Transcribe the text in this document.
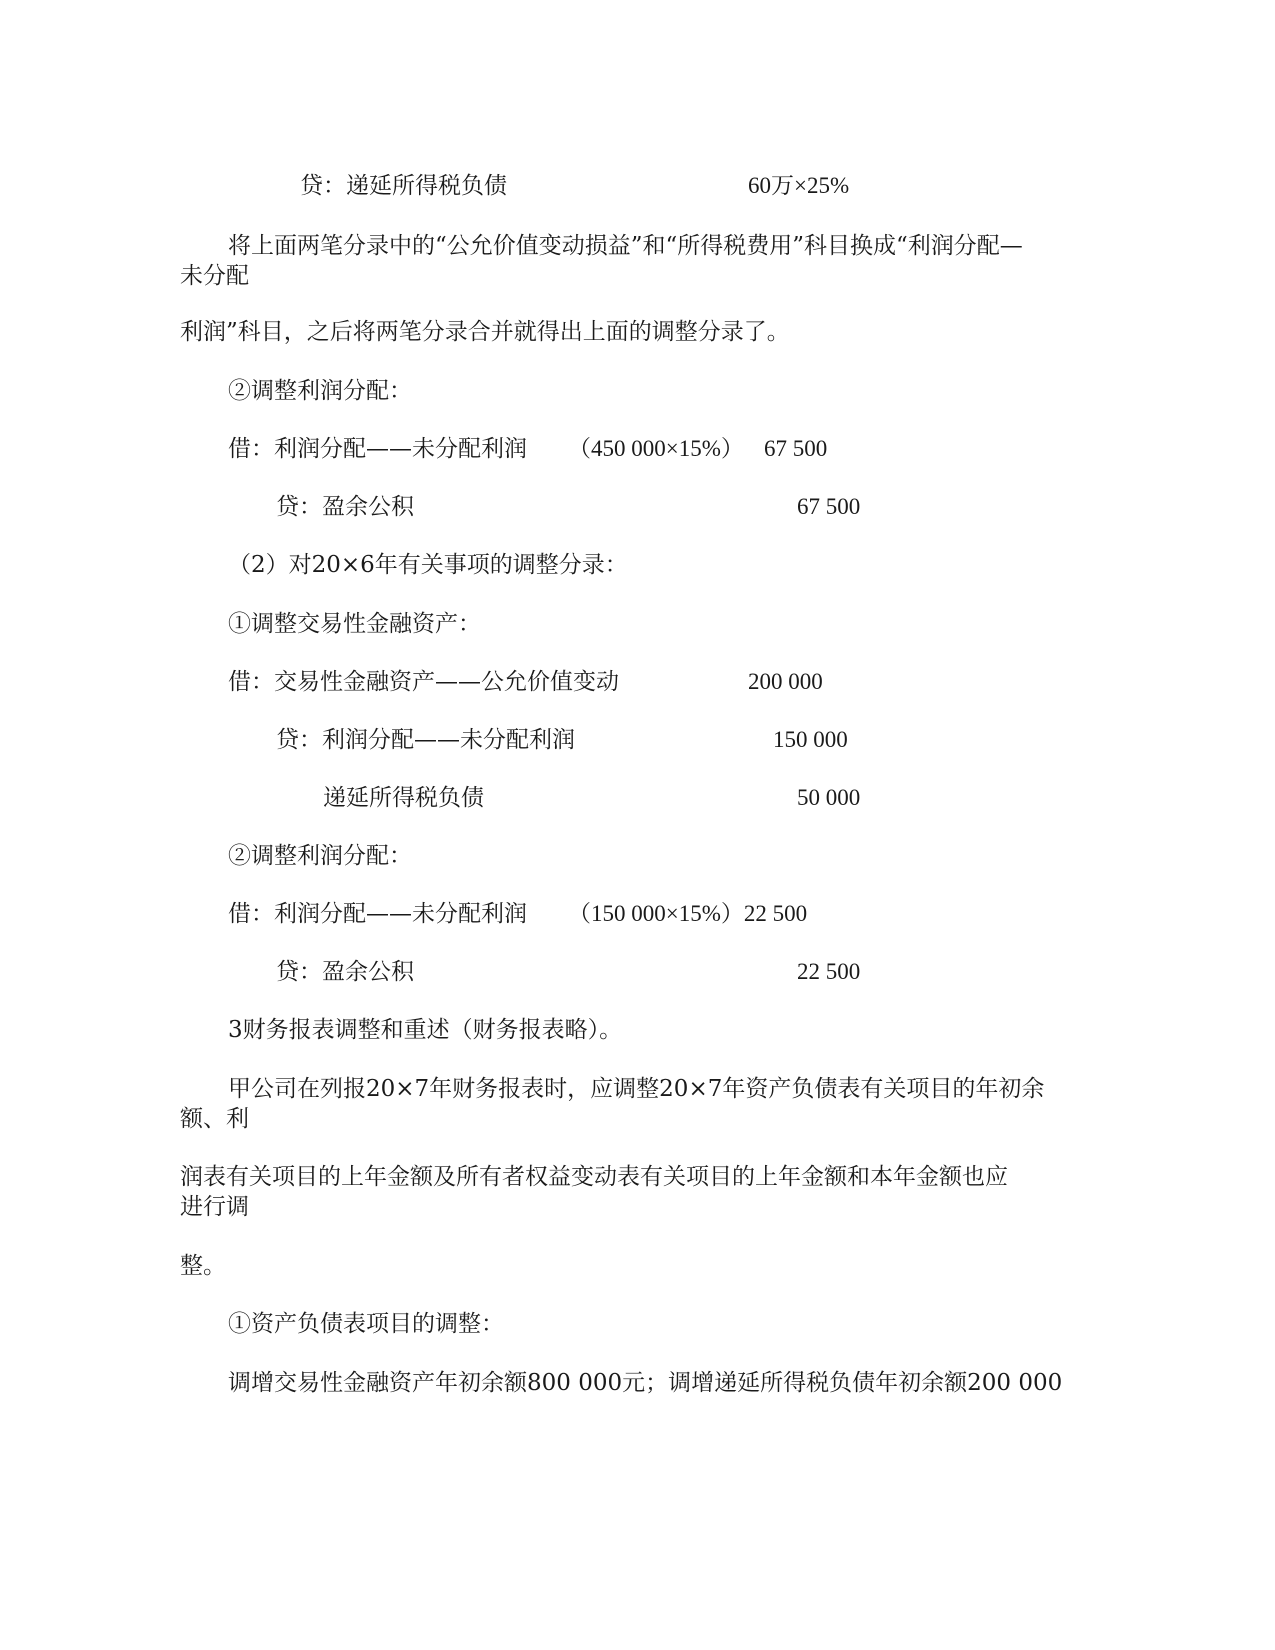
贷：递延所得税负债	60万×25%
将上面两笔分录中的“公允价值变动损益”和“所得税费用”科目换成“利润分配—
未分配
利润”科目，之后将两笔分录合并就得出上面的调整分录了。
②调整利润分配：
借：利润分配——未分配利润 （450 000×15%） 67 500
贷：盈余公积	67 500
（2）对20×6年有关事项的调整分录：
①调整交易性金融资产：
借：交易性金融资产——公允价值变动	200 000
贷：利润分配——未分配利润	150 000
递延所得税负债	50 000
②调整利润分配：
借：利润分配——未分配利润 （150 000×15%）22 500
贷：盈余公积	22 500
3财务报表调整和重述（财务报表略）。
甲公司在列报20×7年财务报表时，应调整20×7年资产负债表有关项目的年初余
额、利
润表有关项目的上年金额及所有者权益变动表有关项目的上年金额和本年金额也应
进行调
整。
①资产负债表项目的调整：
调增交易性金融资产年初余额800 000元；调增递延所得税负债年初余额200 000
